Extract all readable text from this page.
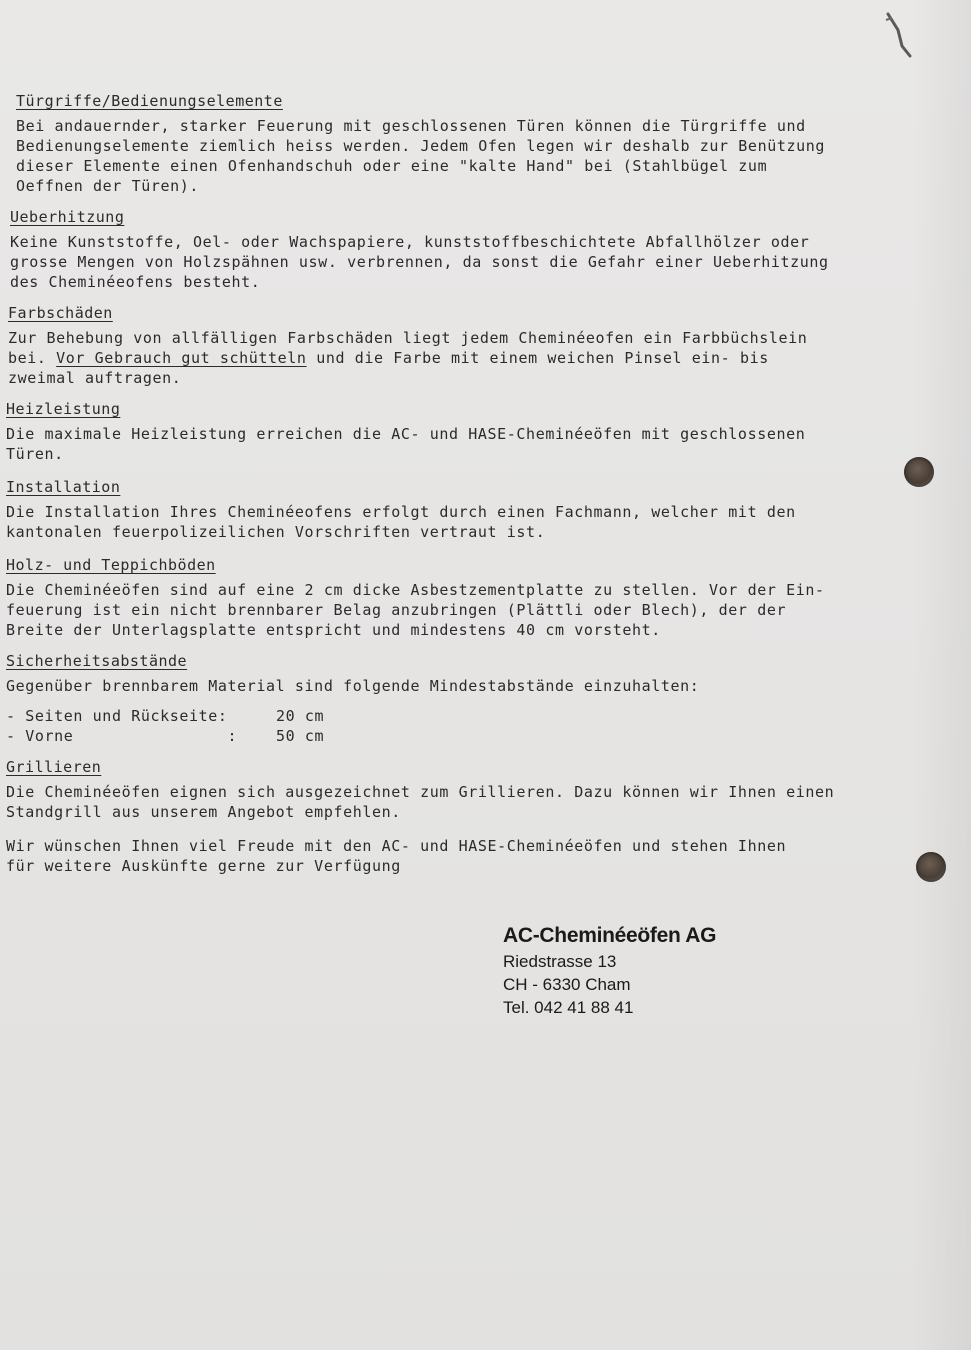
Türgriffe/Bedienungselemente
Bei andauernder, starker Feuerung mit geschlossenen Türen können die Türgriffe und
Bedienungselemente ziemlich heiss werden. Jedem Ofen legen wir deshalb zur Benützung
dieser Elemente einen Ofenhandschuh oder eine "kalte Hand" bei (Stahlbügel zum
Oeffnen der Türen).
Ueberhitzung
Keine Kunststoffe, Oel- oder Wachspapiere, kunststoffbeschichtete Abfallhölzer oder
grosse Mengen von Holzspähnen usw. verbrennen, da sonst die Gefahr einer Ueberhitzung
des Cheminéeofens besteht.
Farbschäden
Zur Behebung von allfälligen Farbschäden liegt jedem Cheminéeofen ein Farbbüchslein
bei. Vor Gebrauch gut schütteln und die Farbe mit einem weichen Pinsel ein- bis
zweimal auftragen.
Heizleistung
Die maximale Heizleistung erreichen die AC- und HASE-Cheminéeöfen mit geschlossenen
Türen.
Installation
Die Installation Ihres Cheminéeofens erfolgt durch einen Fachmann, welcher mit den
kantonalen feuerpolizeilichen Vorschriften vertraut ist.
Holz- und Teppichböden
Die Cheminéeöfen sind auf eine 2 cm dicke Asbestzementplatte zu stellen. Vor der Ein-
feuerung ist ein nicht brennbarer Belag anzubringen (Plättli oder Blech), der der
Breite der Unterlagsplatte entspricht und mindestens 40 cm vorsteht.
Sicherheitsabstände
Gegenüber brennbarem Material sind folgende Mindestabstände einzuhalten:
- Seiten und Rückseite:	20 cm
- Vorne                :	50 cm
Grillieren
Die Cheminéeöfen eignen sich ausgezeichnet zum Grillieren. Dazu können wir Ihnen einen
Standgrill aus unserem Angebot empfehlen.
Wir wünschen Ihnen viel Freude mit den AC- und HASE-Cheminéeöfen und stehen Ihnen
für weitere Auskünfte gerne zur Verfügung
AC-Cheminéeöfen AG
Riedstrasse 13
CH - 6330 Cham
Tel. 042 41 88 41
